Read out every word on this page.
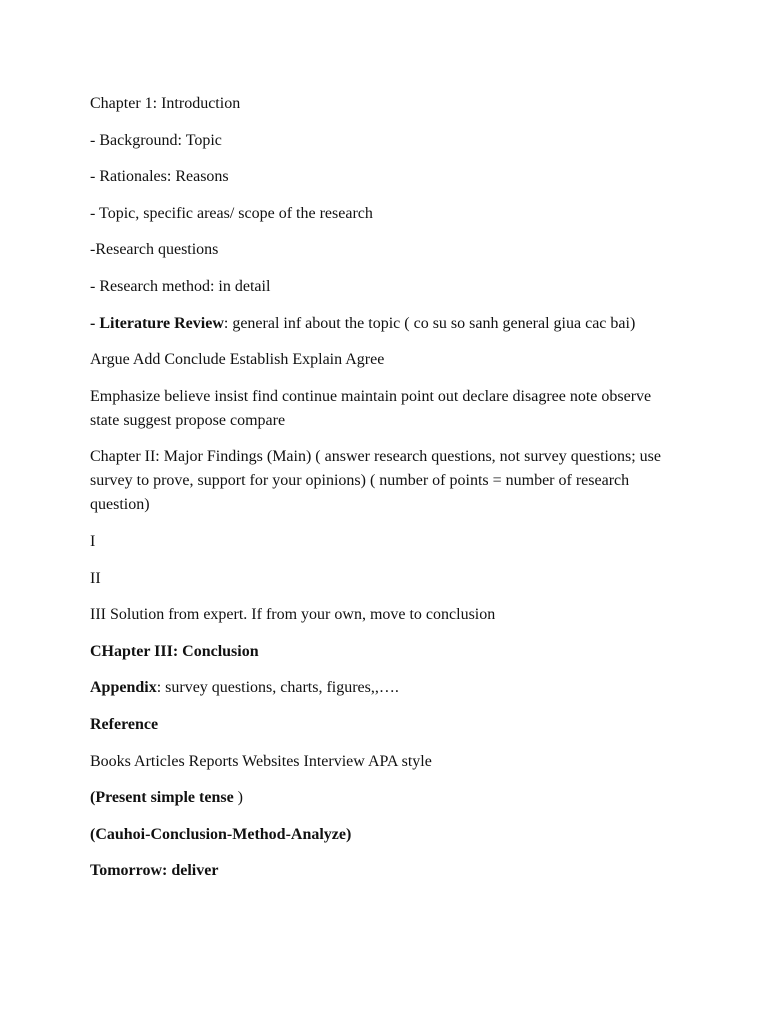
Chapter 1: Introduction

- Background: Topic

- Rationales: Reasons

- Topic, specific areas/ scope of the research

-Research questions

- Research method: in detail

- Literature Review: general inf about the topic ( co su so sanh general giua cac bai)

Argue Add Conclude Establish Explain Agree

Emphasize believe insist find continue maintain point out declare disagree note observe state suggest propose compare

Chapter II: Major Findings (Main) ( answer research questions, not survey questions; use survey to prove, support for your opinions) ( number of points = number of research question)

I

II

III Solution from expert. If from your own, move to conclusion

CHapter III: Conclusion

Appendix: survey questions, charts, figures,,….

Reference

Books Articles Reports Websites Interview APA style

(Present simple tense )

(Cauhoi-Conclusion-Method-Analyze)

Tomorrow: deliver
